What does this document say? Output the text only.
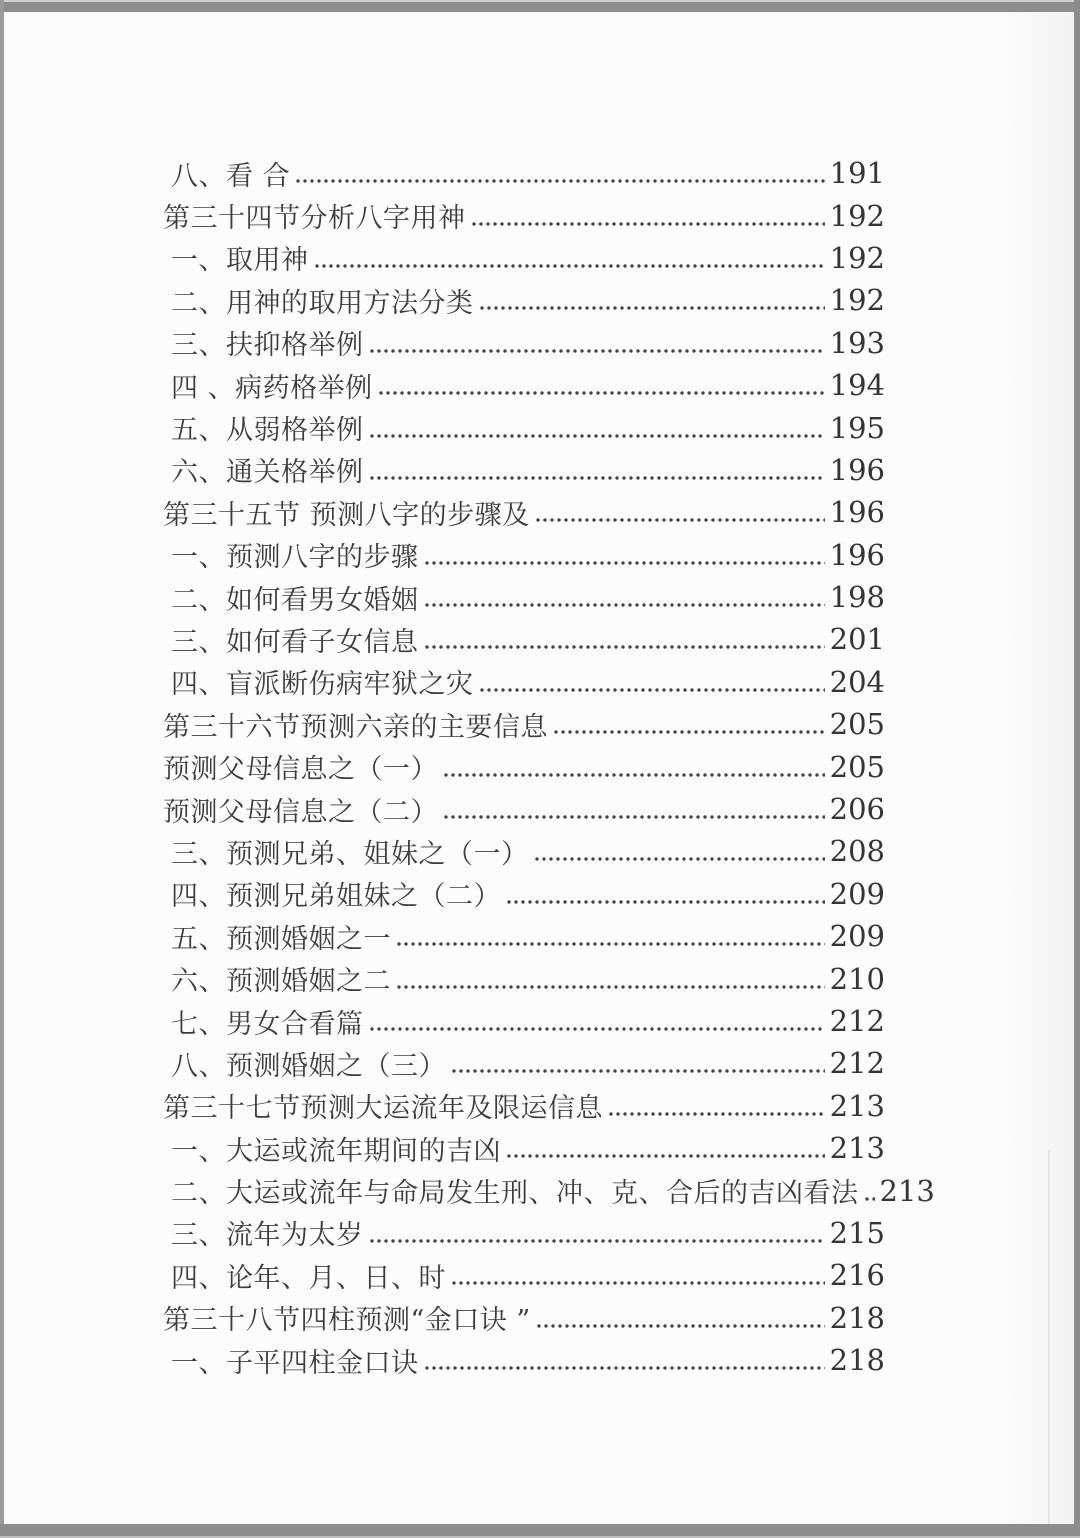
八、看 合	191
第三十四节分析八字用神	192
一、取用神	192
二、用神的取用方法分类	192
三、扶抑格举例	193
四 、病药格举例	194
五、从弱格举例	195
六、通关格举例	196
第三十五节 预测八字的步骤及	196
一、预测八字的步骤	196
二、如何看男女婚姻	198
三、如何看子女信息	201
四、盲派断伤病牢狱之灾	204
第三十六节预测六亲的主要信息	205
预测父母信息之（一）	205
预测父母信息之（二）	206
三、预测兄弟、姐妹之（一）	208
四、预测兄弟姐妹之（二）	209
五、预测婚姻之一	209
六、预测婚姻之二	210
七、男女合看篇	212
八、预测婚姻之（三）	212
第三十七节预测大运流年及限运信息	213
一、大运或流年期间的吉凶	213
二、大运或流年与命局发生刑、冲、克、合后的吉凶看法 213
三、流年为太岁	215
四、论年、月、日、时	216
第三十八节四柱预测“金口诀 ”	218
一、子平四柱金口诀	218
